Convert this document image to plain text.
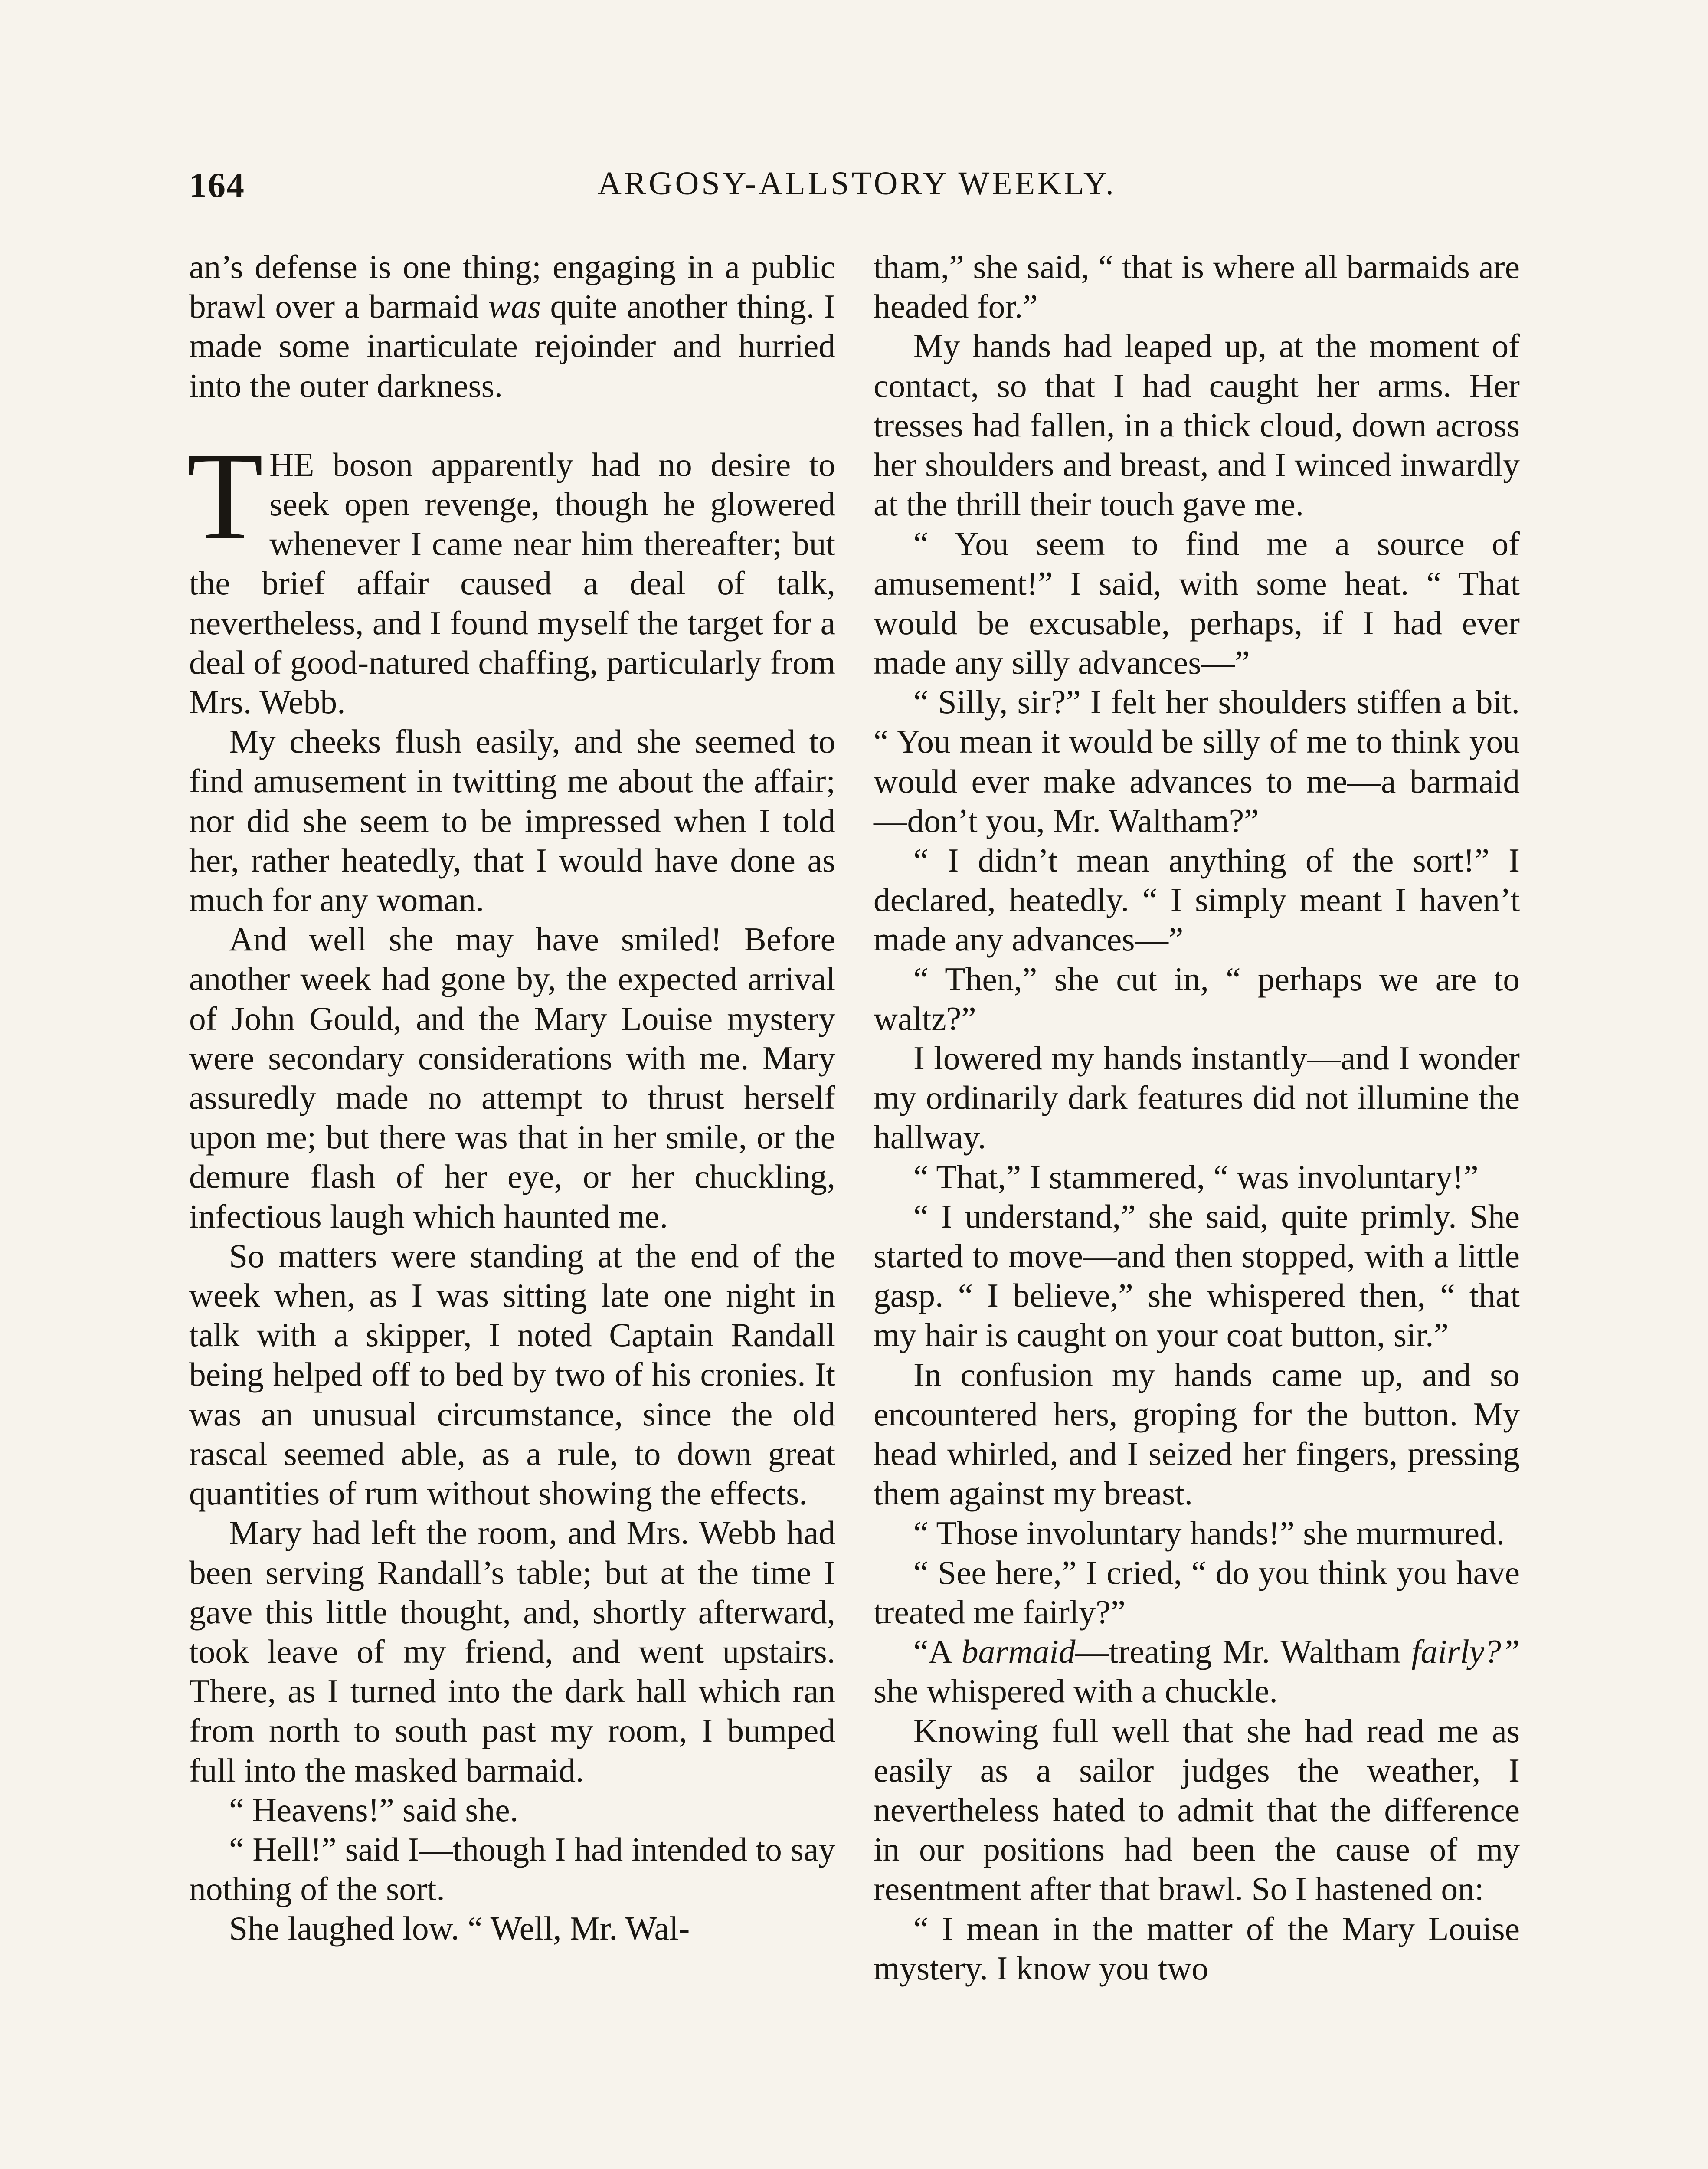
164	ARGOSY-ALLSTORY WEEKLY.

an’s defense is one thing; engaging in a public brawl over a barmaid was quite another thing. I made some inarticulate rejoinder and hurried into the outer darkness.

THE boson apparently had no desire to seek open revenge, though he glowered whenever I came near him thereafter; but the brief affair caused a deal of talk, nevertheless, and I found myself the target for a deal of good-natured chaffing, particularly from Mrs. Webb.

My cheeks flush easily, and she seemed to find amusement in twitting me about the affair; nor did she seem to be impressed when I told her, rather heatedly, that I would have done as much for any woman.

And well she may have smiled! Before another week had gone by, the expected arrival of John Gould, and the Mary Louise mystery were secondary considerations with me. Mary assuredly made no attempt to thrust herself upon me; but there was that in her smile, or the demure flash of her eye, or her chuckling, infectious laugh which haunted me.

So matters were standing at the end of the week when, as I was sitting late one night in talk with a skipper, I noted Captain Randall being helped off to bed by two of his cronies. It was an unusual circumstance, since the old rascal seemed able, as a rule, to down great quantities of rum without showing the effects.

Mary had left the room, and Mrs. Webb had been serving Randall’s table; but at the time I gave this little thought, and, shortly afterward, took leave of my friend, and went upstairs. There, as I turned into the dark hall which ran from north to south past my room, I bumped full into the masked barmaid.

“ Heavens!” said she.

“ Hell!” said I—though I had intended to say nothing of the sort.

She laughed low. “ Well, Mr. Wal-

tham,” she said, “ that is where all barmaids are headed for.”

My hands had leaped up, at the moment of contact, so that I had caught her arms. Her tresses had fallen, in a thick cloud, down across her shoulders and breast, and I winced inwardly at the thrill their touch gave me.

“ You seem to find me a source of amusement!” I said, with some heat. “ That would be excusable, perhaps, if I had ever made any silly advances—”

“ Silly, sir?” I felt her shoulders stiffen a bit. “ You mean it would be silly of me to think you would ever make advances to me—a barmaid—don’t you, Mr. Waltham?”

“ I didn’t mean anything of the sort!” I declared, heatedly. “ I simply meant I haven’t made any advances—”

“ Then,” she cut in, “ perhaps we are to waltz?”

I lowered my hands instantly—and I wonder my ordinarily dark features did not illumine the hallway.

“ That,” I stammered, “ was involuntary!”

“ I understand,” she said, quite primly. She started to move—and then stopped, with a little gasp. “ I believe,” she whispered then, “ that my hair is caught on your coat button, sir.”

In confusion my hands came up, and so encountered hers, groping for the button. My head whirled, and I seized her fingers, pressing them against my breast.

“ Those involuntary hands!” she murmured.

“ See here,” I cried, “ do you think you have treated me fairly?”

“A barmaid—treating Mr. Waltham fairly?” she whispered with a chuckle.

Knowing full well that she had read me as easily as a sailor judges the weather, I nevertheless hated to admit that the difference in our positions had been the cause of my resentment after that brawl. So I hastened on:

“ I mean in the matter of the Mary Louise mystery. I know you two
